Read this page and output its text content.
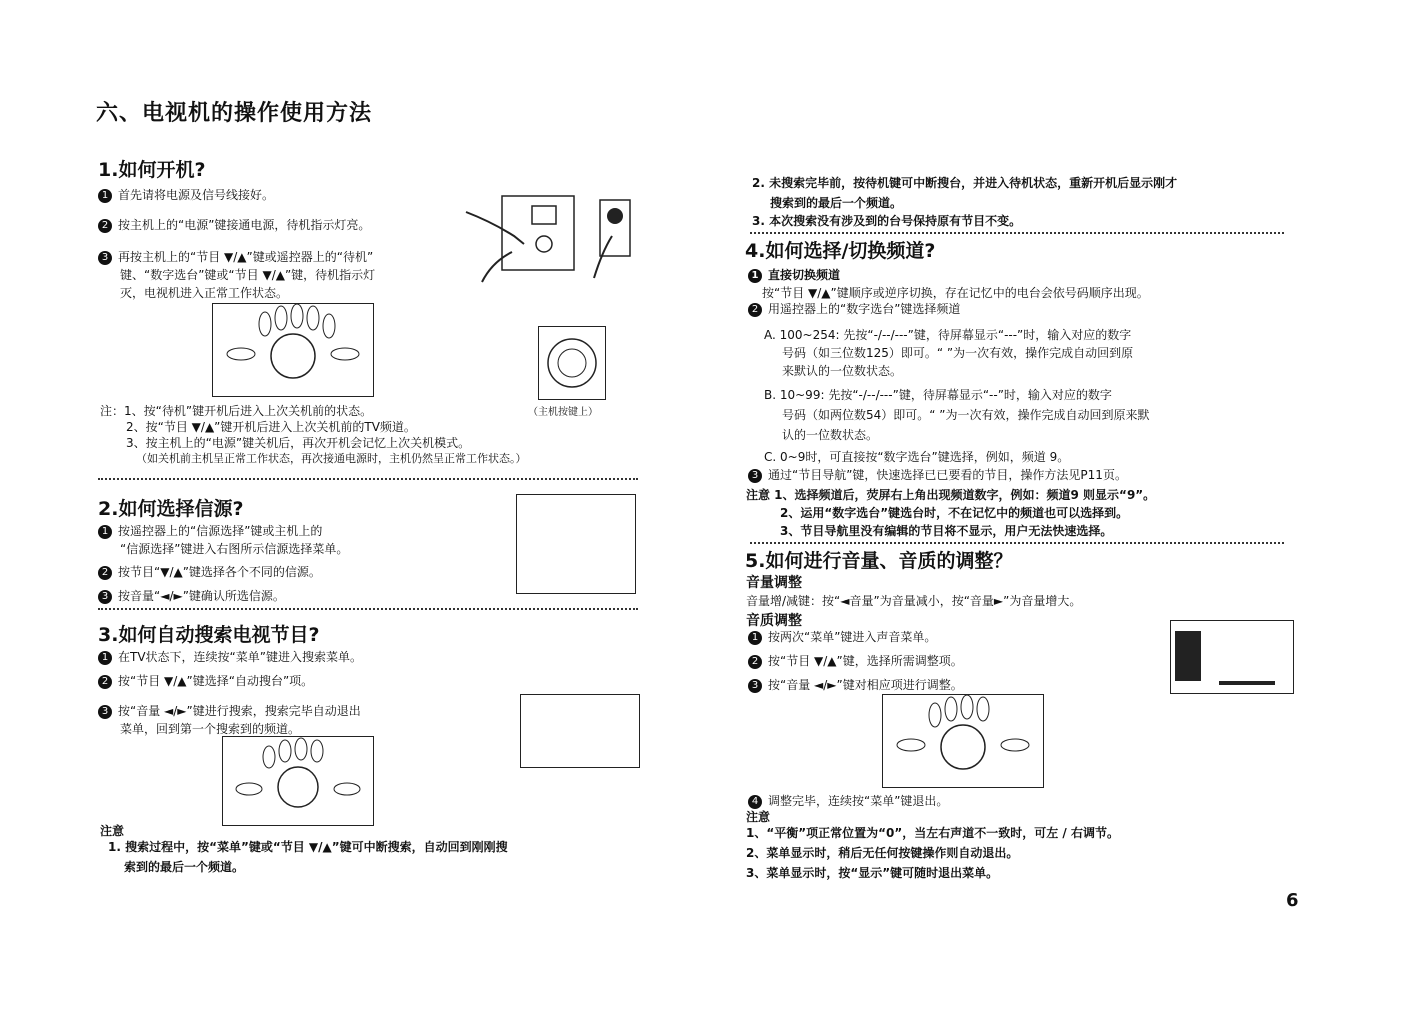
六、电视机的操作使用方法
1.如何开机?
1 首先请将电源及信号线接好。
2 按主机上的“电源”键接通电源，待机指示灯亮。
3 再按主机上的“节目 ▼/▲”键或遥控器上的“待机”
键、“数字选台”键或“节目 ▼/▲”键，待机指示灯
灭，电视机进入正常工作状态。
（主机按键上）
注：1、按“待机”键开机后进入上次关机前的状态。
2、按“节目 ▼/▲”键开机后进入上次关机前的TV频道。
3、按主机上的“电源”键关机后，再次开机会记忆上次关机模式。
（如关机前主机呈正常工作状态，再次接通电源时，主机仍然呈正常工作状态。）
2.如何选择信源?
1 按遥控器上的“信源选择”键或主机上的
“信源选择”键进入右图所示信源选择菜单。
2 按节目“▼/▲”键选择各个不同的信源。
3 按音量“◄/►”键确认所选信源。
3.如何自动搜索电视节目?
1 在TV状态下，连续按“菜单”键进入搜索菜单。
2 按“节目 ▼/▲”键选择“自动搜台”项。
3 按“音量 ◄/►”键进行搜索，搜索完毕自动退出
菜单，回到第一个搜索到的频道。
注意
1. 搜索过程中，按“菜单”键或“节目 ▼/▲”键可中断搜索，自动回到刚刚搜
索到的最后一个频道。
2. 未搜索完毕前，按待机键可中断搜台，并进入待机状态，重新开机后显示刚才
搜索到的最后一个频道。
3. 本次搜索没有涉及到的台号保持原有节目不变。
4.如何选择/切换频道?
1 直接切换频道
按“节目 ▼/▲”键顺序或逆序切换，存在记忆中的电台会依号码顺序出现。
2 用遥控器上的“数字选台”键选择频道
A. 100~254: 先按“-/--/---”键，待屏幕显示“---”时，输入对应的数字
号码（如三位数125）即可。“ ”为一次有效，操作完成自动回到原
来默认的一位数状态。
B. 10~99: 先按“-/--/---”键，待屏幕显示“--”时，输入对应的数字
号码（如两位数54）即可。“ ”为一次有效，操作完成自动回到原来默
认的一位数状态。
C. 0~9时，可直接按“数字选台”键选择，例如，频道 9。
3 通过“节目导航”键，快速选择已已要看的节目，操作方法见P11页。
注意 1、选择频道后，荧屏右上角出现频道数字，例如：频道9 则显示“9”。
2、运用“数字选台”键选台时，不在记忆中的频道也可以选择到。
3、节目导航里没有编辑的节目将不显示，用户无法快速选择。
5.如何进行音量、音质的调整？
音量调整
音量增/减键：按“◄音量”为音量减小，按“音量►”为音量增大。
音质调整
1 按两次“菜单”键进入声音菜单。
2 按“节目 ▼/▲”键，选择所需调整项。
3 按“音量 ◄/►”键对相应项进行调整。
4 调整完毕，连续按“菜单”键退出。
注意
1、“平衡”项正常位置为“0”，当左右声道不一致时，可左 / 右调节。
2、菜单显示时，稍后无任何按键操作则自动退出。
3、菜单显示时，按“显示”键可随时退出菜单。
6
